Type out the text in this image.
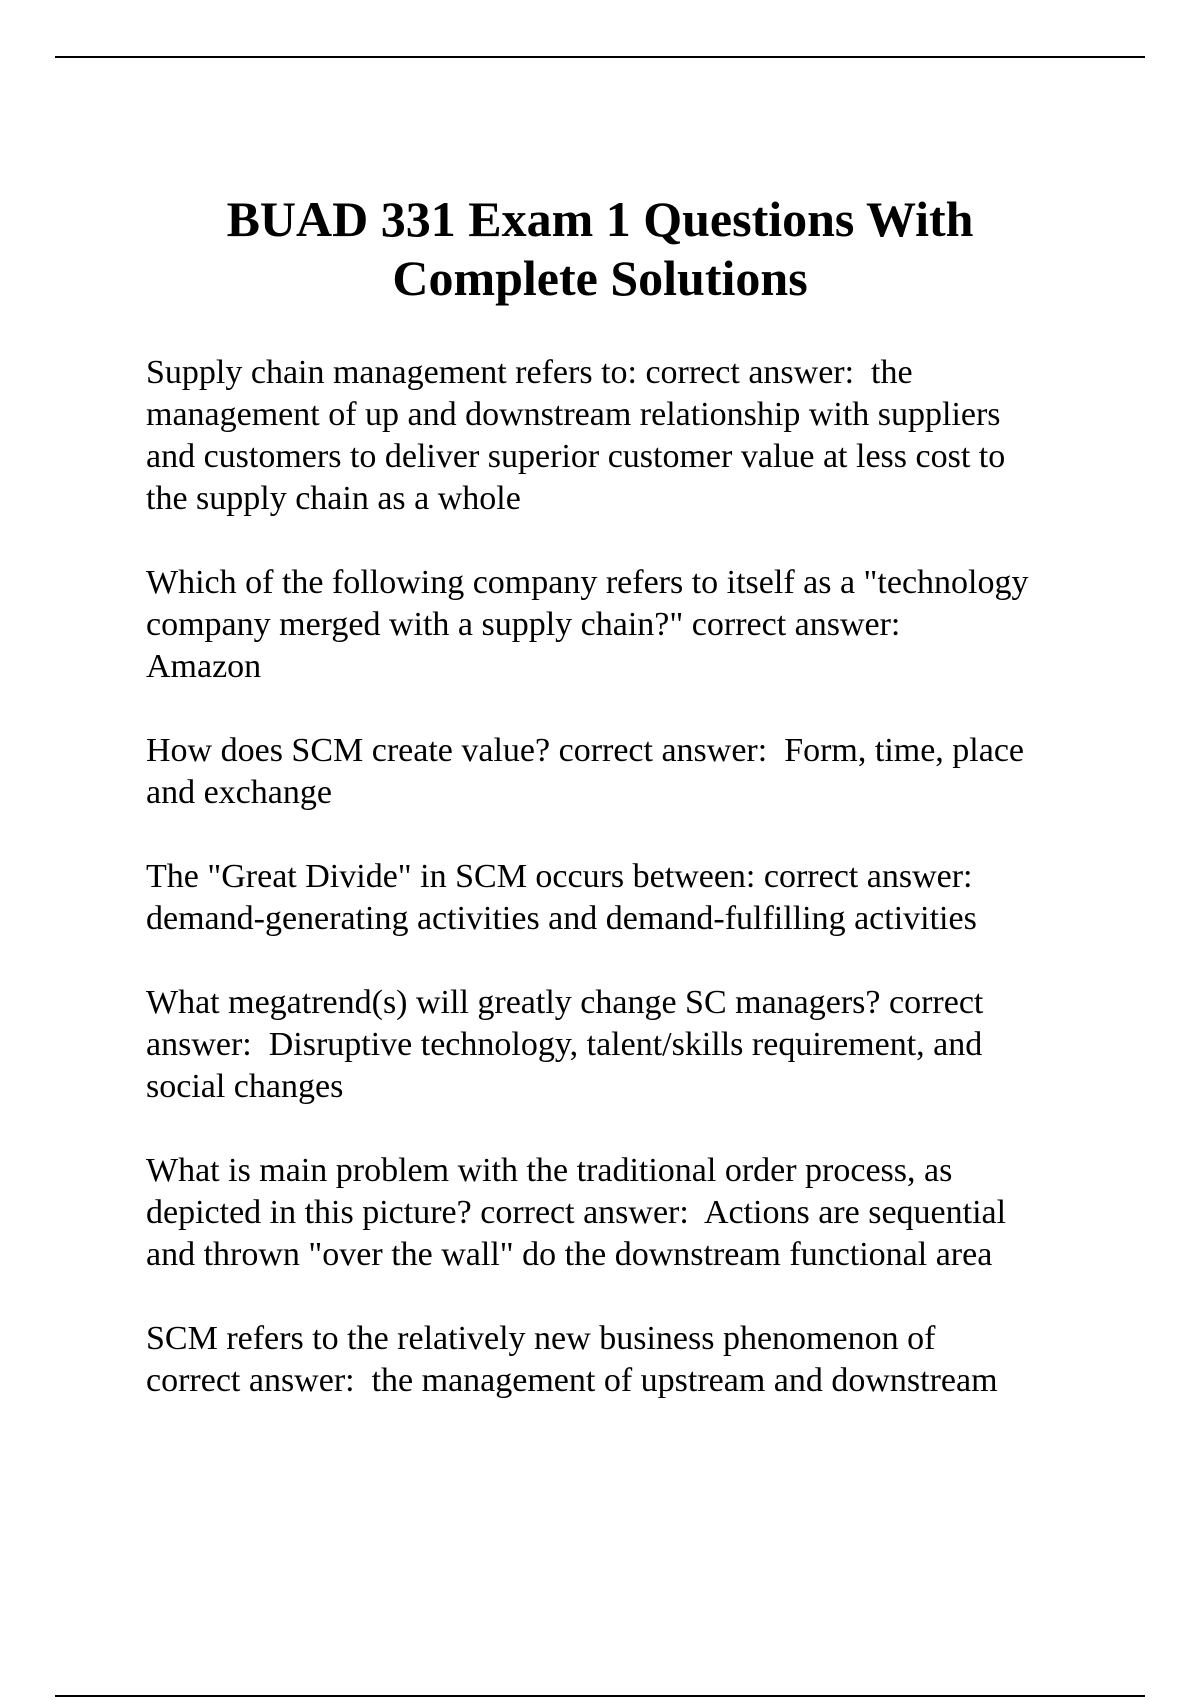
BUAD 331 Exam 1 Questions With
Complete Solutions

Supply chain management refers to: correct answer:  the
management of up and downstream relationship with suppliers
and customers to deliver superior customer value at less cost to
the supply chain as a whole

Which of the following company refers to itself as a "technology
company merged with a supply chain?" correct answer:
Amazon

How does SCM create value? correct answer:  Form, time, place
and exchange

The "Great Divide" in SCM occurs between: correct answer:
demand-generating activities and demand-fulfilling activities

What megatrend(s) will greatly change SC managers? correct
answer:  Disruptive technology, talent/skills requirement, and
social changes

What is main problem with the traditional order process, as
depicted in this picture? correct answer:  Actions are sequential
and thrown "over the wall" do the downstream functional area

SCM refers to the relatively new business phenomenon of
correct answer:  the management of upstream and downstream
